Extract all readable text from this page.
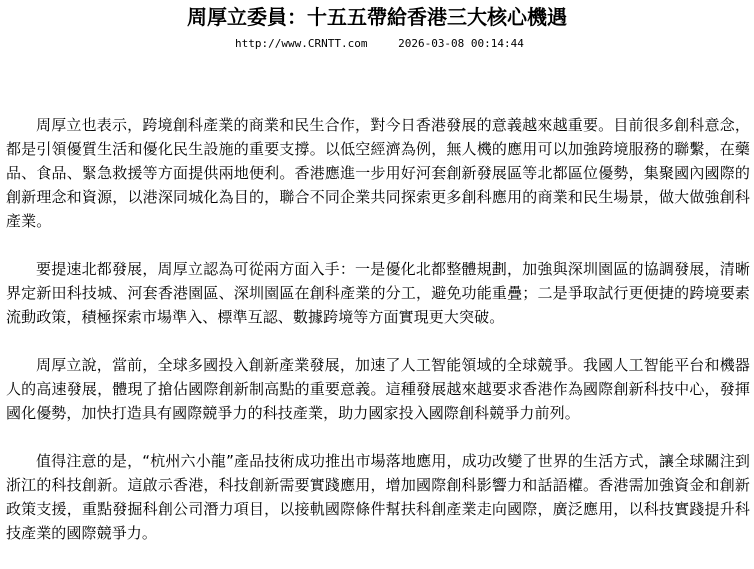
周厚立委員：十五五帶給香港三大核心機遇
http://www.CRNTT.com	2026-03-08 00:14:44

周厚立也表示，跨境創科產業的商業和民生合作，對今日香港發展的意義越來越重要。目前很多創科意念，都是引領優質生活和優化民生設施的重要支撐。以低空經濟為例，無人機的應用可以加強跨境服務的聯繫，在藥品、食品、緊急救援等方面提供兩地便利。香港應進一步用好河套創新發展區等北都區位優勢，集聚國內國際的創新理念和資源，以港深同城化為目的，聯合不同企業共同探索更多創科應用的商業和民生場景，做大做強創科產業。

要提速北都發展，周厚立認為可從兩方面入手：一是優化北都整體規劃，加強與深圳園區的協調發展，清晰界定新田科技城、河套香港園區、深圳園區在創科產業的分工，避免功能重疊；二是爭取試行更便捷的跨境要素流動政策，積極探索市場準入、標準互認、數據跨境等方面實現更大突破。

周厚立說，當前，全球多國投入創新產業發展，加速了人工智能領域的全球競爭。我國人工智能平台和機器人的高速發展，體現了搶佔國際創新制高點的重要意義。這種發展越來越要求香港作為國際創新科技中心，發揮國化優勢，加快打造具有國際競爭力的科技產業，助力國家投入國際創科競爭力前列。

值得注意的是，“杭州六小龍”產品技術成功推出市場落地應用，成功改變了世界的生活方式，讓全球關注到浙江的科技創新。這啟示香港，科技創新需要實踐應用，增加國際創科影響力和話語權。香港需加強資金和創新政策支援，重點發掘科創公司潛力項目，以接軌國際條件幫扶科創產業走向國際，廣泛應用，以科技實踐提升科技產業的國際競爭力。
